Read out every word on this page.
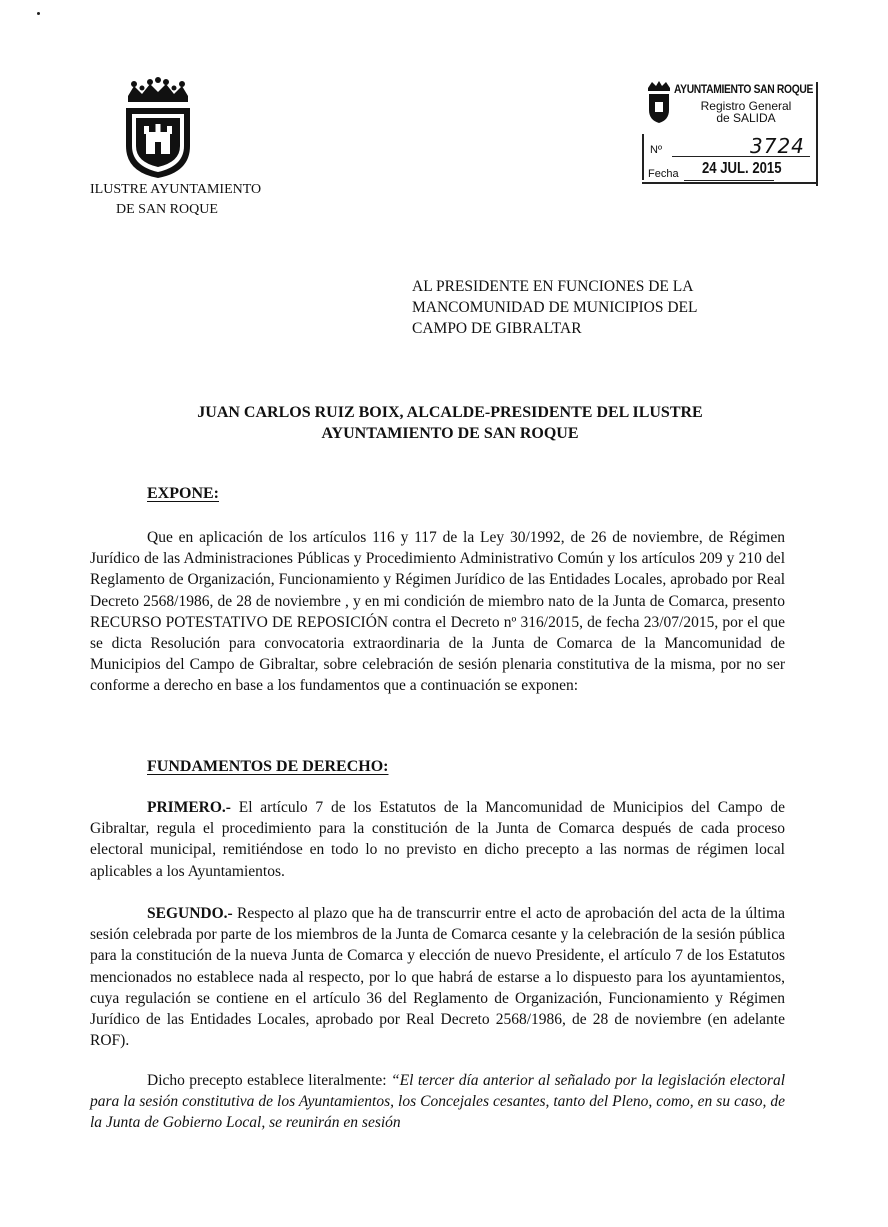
ILUSTRE AYUNTAMIENTO
DE SAN ROQUE
AYUNTAMIENTO SAN ROQUE
Registro General
de SALIDA
Nº	3724
Fecha 24 JUL. 2015
AL PRESIDENTE EN FUNCIONES DE LA
MANCOMUNIDAD DE MUNICIPIOS DEL
CAMPO DE GIBRALTAR
JUAN CARLOS RUIZ BOIX, ALCALDE-PRESIDENTE DEL ILUSTRE
AYUNTAMIENTO DE SAN ROQUE
EXPONE:
Que en aplicación de los artículos 116 y 117 de la Ley 30/1992, de 26 de noviembre, de Régimen Jurídico de las Administraciones Públicas y Procedimiento Administrativo Común y los artículos 209 y 210 del Reglamento de Organización, Funcionamiento y Régimen Jurídico de las Entidades Locales, aprobado por Real Decreto 2568/1986, de 28 de noviembre , y en mi condición de miembro nato de la Junta de Comarca, presento RECURSO POTESTATIVO DE REPOSICIÓN contra el Decreto nº 316/2015, de fecha 23/07/2015, por el que se dicta Resolución para convocatoria extraordinaria de la Junta de Comarca de la Mancomunidad de Municipios del Campo de Gibraltar, sobre celebración de sesión plenaria constitutiva de la misma, por no ser conforme a derecho en base a los fundamentos que a continuación se exponen:
FUNDAMENTOS DE DERECHO:
PRIMERO.- El artículo 7 de los Estatutos de la Mancomunidad de Municipios del Campo de Gibraltar, regula el procedimiento para la constitución de la Junta de Comarca después de cada proceso electoral municipal, remitiéndose en todo lo no previsto en dicho precepto a las normas de régimen local aplicables a los Ayuntamientos.
SEGUNDO.- Respecto al plazo que ha de transcurrir entre el acto de aprobación del acta de la última sesión celebrada por parte de los miembros de la Junta de Comarca cesante y la celebración de la sesión pública para la constitución de la nueva Junta de Comarca y elección de nuevo Presidente, el artículo 7 de los Estatutos mencionados no establece nada al respecto, por lo que habrá de estarse a lo dispuesto para los ayuntamientos, cuya regulación se contiene en el artículo 36 del Reglamento de Organización, Funcionamiento y Régimen Jurídico de las Entidades Locales, aprobado por Real Decreto 2568/1986, de 28 de noviembre (en adelante ROF).
Dicho precepto establece literalmente: “El tercer día anterior al señalado por la legislación electoral para la sesión constitutiva de los Ayuntamientos, los Concejales cesantes, tanto del Pleno, como, en su caso, de la Junta de Gobierno Local, se reunirán en sesión
